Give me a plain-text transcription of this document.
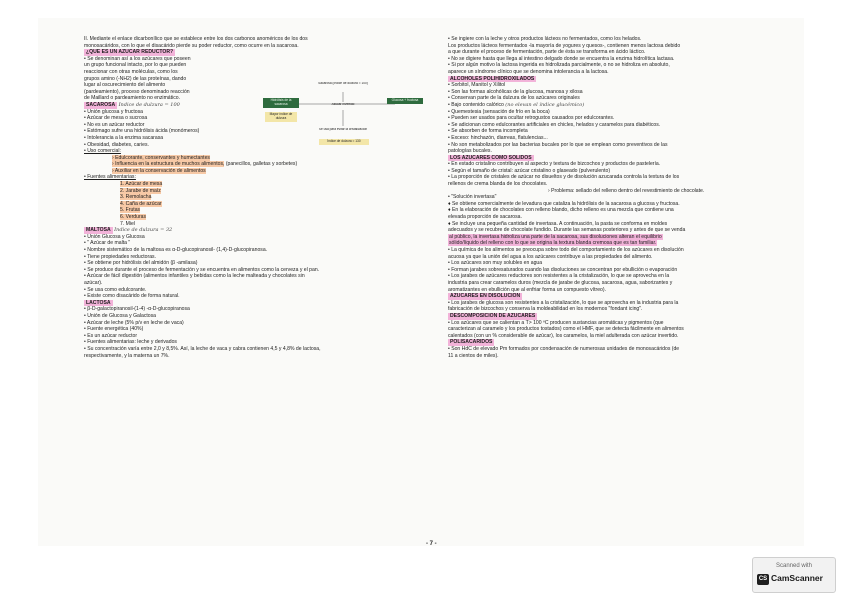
II. Mediante el enlace dicarbonílico que se establece entre los dos carbonos anoméricos de los dos
monosacáridos, con lo que el disacárido pierde su poder reductor, como ocurre en la sacarosa.
¿QUÉ ES UN AZÚCAR REDUCTOR?
• Se denominan así a los azúcares que poseen
un grupo funcional intacto, por lo que pueden
reaccionar con otras moléculas, como los
grupos amino (-NH2) de las proteínas, dando
lugar al oscurecimiento del alimento
(pardeamiento), proceso denominado reacción
de Maillard o pardeamiento no enzimático.
SACAROSA Índice de dulzura = 100
• Unión glucosa y fructosa
• Azúcar de mesa o sucrosa
• No es un azúcar reductor
• Estómago sufre una hidrólisis ácida (monómeros)
• Intolerancia a la enzima sacarasa
• Obesidad, diabetes, caries.
• Uso comercial:
› Edulcorante, conservantes y humectantes
› Influencia en la estructura de muchos alimentos, (panecillos, galletas y sorbetes)
› Auxiliar en la conservación de alimentos
• Fuentes alimentarias:
1. Azúcar de mesa
2. Jarabe de maíz
3. Remolacha
4. Caña de azúcar
5. Frutas
6. Verduras
7. Miel
MALTOSA Índice de dulzura = 32
• Unión Glucosa y Glucosa
• " Azúcar de malta "
• Nombre sistemático de la maltosa es α-D-glucopiranosil- (1,4)-D-glucopiranosa.
• Tiene propiedades reductoras.
• Se obtiene por hidrólisis del almidón (β -amilasa)
• Se produce durante el proceso de fermentación y se encuentra en alimentos como la cerveza y el pan.
• Azúcar de fácil digestión (alimentos infantiles y bebidas como la leche malteada y chocolates sin
azúcar).
• Se usa como edulcorante.
• Existe como disacárido de forma natural.
LACTOSA
• β-D-galactopiranosil-(1-4) -α-D-glucopiranosa
• Unión de Glucosa y Galactosa
• Azúcar de leche (5% p/v en leche de vaca)
• Fuente energética (40%)
• Es un azúcar reductor
• Fuentes alimentarias: leche y derivados
• Su concentración varía entre 2,0 y 8,5%. Así, la leche de vaca y cabra contienen 4,5 y 4,8% de lactosa,
respectivamente, y la materna un 7%.
Sacarosa (índice de dulzura = 100)
Hidrólisis de la sacarosa	Azúcar invertido
Glucosa + fructosa
Mayor índice de dulzura
Se usa para evitar la cristalización
Índice de dulzura = 130
• Se ingiere con la leche y otros productos lácteos no fermentados, como los helados.
Los productos lácteos fermentados -la mayoría de yogures y quesos-, contienen menos lactosa debido
a que durante el proceso de fermentación, parte de ésta se transforma en ácido láctico.
• No se digiere hasta que llega al intestino delgado donde se encuentra la enzima hidrolítica lactasa.
• Si por algún motivo la lactosa ingerida es hidrolizada parcialmente, o no se hidroliza en absoluto,
aparece un síndrome clínico que se denomina intolerancia a la lactosa.
ALCOHOLES POLIHIDROXILADOS
• Sorbitol, Manitol y Xilitol
• Son las formas alcohólicas de la glucosa, manosa y xilosa
• Conservan parte de la dulzura de los azúcares originales
• Bajo contenido calórico (no elevan el índice glucémico)
• Quemestesia (sensación de frío en la boca)
• Pueden ser usados para ocultar retrogustos causados por edulcorantes.
• Se adicionan como edulcorantes artificiales en chicles, helados y caramelos para diabéticos.
• Se absorben de forma incompleta
• Exceso: hinchazón, diarreas, flatulencias...
• No son metabolizados por las bacterias bucales por lo que se emplean como preventivos de las
patologías bucales.
LOS AZÚCARES COMO SÓLIDOS
• En estado cristalino contribuyen al aspecto y textura de bizcochos y productos de pastelería.
• Según el tamaño de cristal: azúcar cristalino o glaseado (pulverulento)
• La proporción de cristales de azúcar no disueltos y de disolución azucarada controla la textura de los
rellenos de crema blanda de los chocolates.
› Problema: sellado del relleno dentro del revestimiento de chocolate.
• "Solución invertasa"
♦ Se obtiene comercialmente de levadura que cataliza la hidrólisis de la sacarosa a glucosa y fructosa.
♦ En la elaboración de chocolates con relleno blando, dicho relleno es una mezcla que contiene una
elevada proporción de sacarosa.
♦ Se incluye una pequeña cantidad de invertasa. A continuación, la pasta se conforma en moldes
adecuados y se recubre de chocolate fundido. Durante las semanas posteriores y antes de que se venda
al público, la invertasa hidroliza una parte de la sacarosa, sus disoluciones alteran el equilibrio
sólido/líquido del relleno con lo que se origina la textura blanda cremosa que es tan familiar.
• La química de los alimentos se preocupa sobre todo del comportamiento de los azúcares en disolución
acuosa ya que la unión del agua a los azúcares contribuye a las propiedades del alimento.
• Los azúcares son muy solubles en agua
• Forman jarabes sobresaturados cuando las disoluciones se concentran por ebullición o evaporación
• Los jarabes de azúcares reductores son resistentes a la cristalización, lo que se aprovecha en la
industria para crear caramelos duros (mezcla de jarabe de glucosa, sacarosa, agua, saborizantes y
aromatizantes en ebullición que al enfriar forma un compuesto vítreo).
AZÚCARES EN DISOLUCIÓN
• Los jarabes de glucosa son resistentes a la cristalización, lo que se aprovecha en la industria para la
fabricación de bizcochos y conserva la moldeabilidad en los modernos "fondant icing".
DESCOMPOSICIÓN DE AZÚCARES
• Los azúcares que se calientan a T> 100 ºC producen sustancias aromáticas y pigmentos (que
caracterizan al caramelo y los productos tostados) como el HMF, que se detecta fácilmente en alimentos
calentados (con un % considerable de azúcar), los caramelos, la miel adulterada con azúcar invertido.
POLISACÁRIDOS
• Son HdC de elevado Pm formados por condensación de numerosas unidades de monosacáridos (de
11 a cientos de miles).
- 7 -
Scanned with
CS CamScanner
